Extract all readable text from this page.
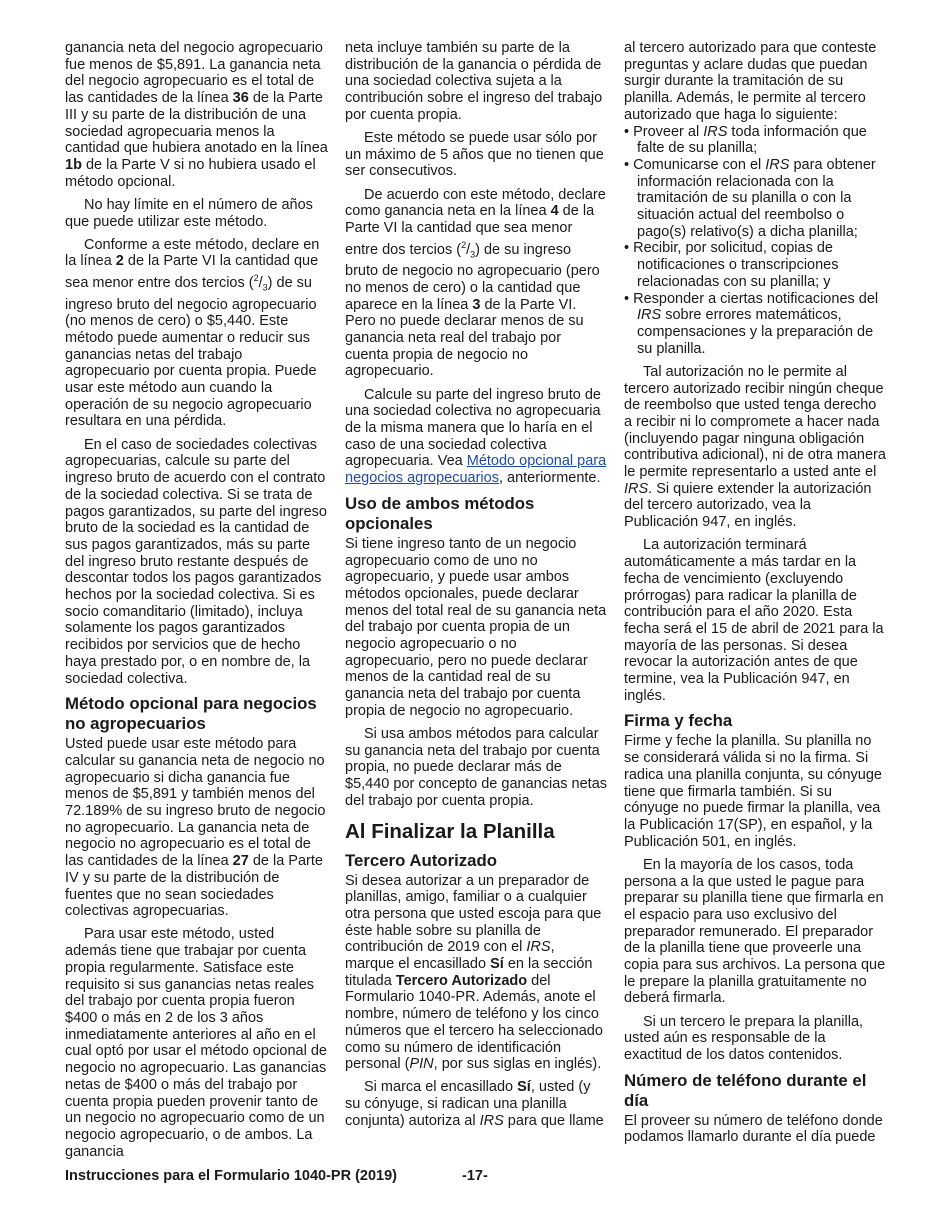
ganancia neta del negocio agropecuario fue menos de $5,891. La ganancia neta del negocio agropecuario es el total de las cantidades de la línea 36 de la Parte III y su parte de la distribución de una sociedad agropecuaria menos la cantidad que hubiera anotado en la línea 1b de la Parte V si no hubiera usado el método opcional.

No hay límite en el número de años que puede utilizar este método.

Conforme a este método, declare en la línea 2 de la Parte VI la cantidad que sea menor entre dos tercios $(^2/_3)$ de su ingreso bruto del negocio agropecuario (no menos de cero) o $5,440. Este método puede aumentar o reducir sus ganancias netas del trabajo agropecuario por cuenta propia. Puede usar este método aun cuando la operación de su negocio agropecuario resultara en una pérdida.

En el caso de sociedades colectivas agropecuarias, calcule su parte del ingreso bruto de acuerdo con el contrato de la sociedad colectiva. Si se trata de pagos garantizados, su parte del ingreso bruto de la sociedad es la cantidad de sus pagos garantizados, más su parte del ingreso bruto restante después de descontar todos los pagos garantizados hechos por la sociedad colectiva. Si es socio comanditario (limitado), incluya solamente los pagos garantizados recibidos por servicios que de hecho haya prestado por, o en nombre de, la sociedad colectiva.

Método opcional para negocios no agropecuarios

Usted puede usar este método para calcular su ganancia neta de negocio no agropecuario si dicha ganancia fue menos de $5,891 y también menos del 72.189% de su ingreso bruto de negocio no agropecuario. La ganancia neta de negocio no agropecuario es el total de las cantidades de la línea 27 de la Parte IV y su parte de la distribución de fuentes que no sean sociedades colectivas agropecuarias.

Para usar este método, usted además tiene que trabajar por cuenta propia regularmente. Satisface este requisito si sus ganancias netas reales del trabajo por cuenta propia fueron $400 o más en 2 de los 3 años inmediatamente anteriores al año en el cual optó por usar el método opcional de negocio no agropecuario. Las ganancias netas de $400 o más del trabajo por cuenta propia pueden provenir tanto de un negocio no agropecuario como de un negocio agropecuario, o de ambos. La ganancia

neta incluye también su parte de la distribución de la ganancia o pérdida de una sociedad colectiva sujeta a la contribución sobre el ingreso del trabajo por cuenta propia.

Este método se puede usar sólo por un máximo de 5 años que no tienen que ser consecutivos.

De acuerdo con este método, declare como ganancia neta en la línea 4 de la Parte VI la cantidad que sea menor entre dos tercios $(^2/_3)$ de su ingreso bruto de negocio no agropecuario (pero no menos de cero) o la cantidad que aparece en la línea 3 de la Parte VI. Pero no puede declarar menos de su ganancia neta real del trabajo por cuenta propia de negocio no agropecuario.

Calcule su parte del ingreso bruto de una sociedad colectiva no agropecuaria de la misma manera que lo haría en el caso de una sociedad colectiva agropecuaria. Vea Método opcional para negocios agropecuarios, anteriormente.

Uso de ambos métodos opcionales

Si tiene ingreso tanto de un negocio agropecuario como de uno no agropecuario, y puede usar ambos métodos opcionales, puede declarar menos del total real de su ganancia neta del trabajo por cuenta propia de un negocio agropecuario o no agropecuario, pero no puede declarar menos de la cantidad real de su ganancia neta del trabajo por cuenta propia de negocio no agropecuario.

Si usa ambos métodos para calcular su ganancia neta del trabajo por cuenta propia, no puede declarar más de $5,440 por concepto de ganancias netas del trabajo por cuenta propia.

Al Finalizar la Planilla
Tercero Autorizado

Si desea autorizar a un preparador de planillas, amigo, familiar o a cualquier otra persona que usted escoja para que éste hable sobre su planilla de contribución de 2019 con el IRS, marque el encasillado Sí en la sección titulada Tercero Autorizado del Formulario 1040-PR. Además, anote el nombre, número de teléfono y los cinco números que el tercero ha seleccionado como su número de identificación personal (PIN, por sus siglas en inglés).

Si marca el encasillado Sí, usted (y su cónyuge, si radican una planilla conjunta) autoriza al IRS para que llame

al tercero autorizado para que conteste preguntas y aclare dudas que puedan surgir durante la tramitación de su planilla. Además, le permite al tercero autorizado que haga lo siguiente:

• Proveer al IRS toda información que falte de su planilla;

• Comunicarse con el IRS para obtener información relacionada con la tramitación de su planilla o con la situación actual del reembolso o pago(s) relativo(s) a dicha planilla;

• Recibir, por solicitud, copias de notificaciones o transcripciones relacionadas con su planilla; y

• Responder a ciertas notificaciones del IRS sobre errores matemáticos, compensaciones y la preparación de su planilla.

Tal autorización no le permite al tercero autorizado recibir ningún cheque de reembolso que usted tenga derecho a recibir ni lo compromete a hacer nada (incluyendo pagar ninguna obligación contributiva adicional), ni de otra manera le permite representarlo a usted ante el IRS. Si quiere extender la autorización del tercero autorizado, vea la Publicación 947, en inglés.

La autorización terminará automáticamente a más tardar en la fecha de vencimiento (excluyendo prórrogas) para radicar la planilla de contribución para el año 2020. Esta fecha será el 15 de abril de 2021 para la mayoría de las personas. Si desea revocar la autorización antes de que termine, vea la Publicación 947, en inglés.

Firma y fecha

Firme y feche la planilla. Su planilla no se considerará válida si no la firma. Si radica una planilla conjunta, su cónyuge tiene que firmarla también. Si su cónyuge no puede firmar la planilla, vea la Publicación 17(SP), en español, y la Publicación 501, en inglés.

En la mayoría de los casos, toda persona a la que usted le pague para preparar su planilla tiene que firmarla en el espacio para uso exclusivo del preparador remunerado. El preparador de la planilla tiene que proveerle una copia para sus archivos. La persona que le prepare la planilla gratuitamente no deberá firmarla.

Si un tercero le prepara la planilla, usted aún es responsable de la exactitud de los datos contenidos.

Número de teléfono durante el día

El proveer su número de teléfono donde podamos llamarlo durante el día puede

Instrucciones para el Formulario 1040-PR (2019)	-17-
